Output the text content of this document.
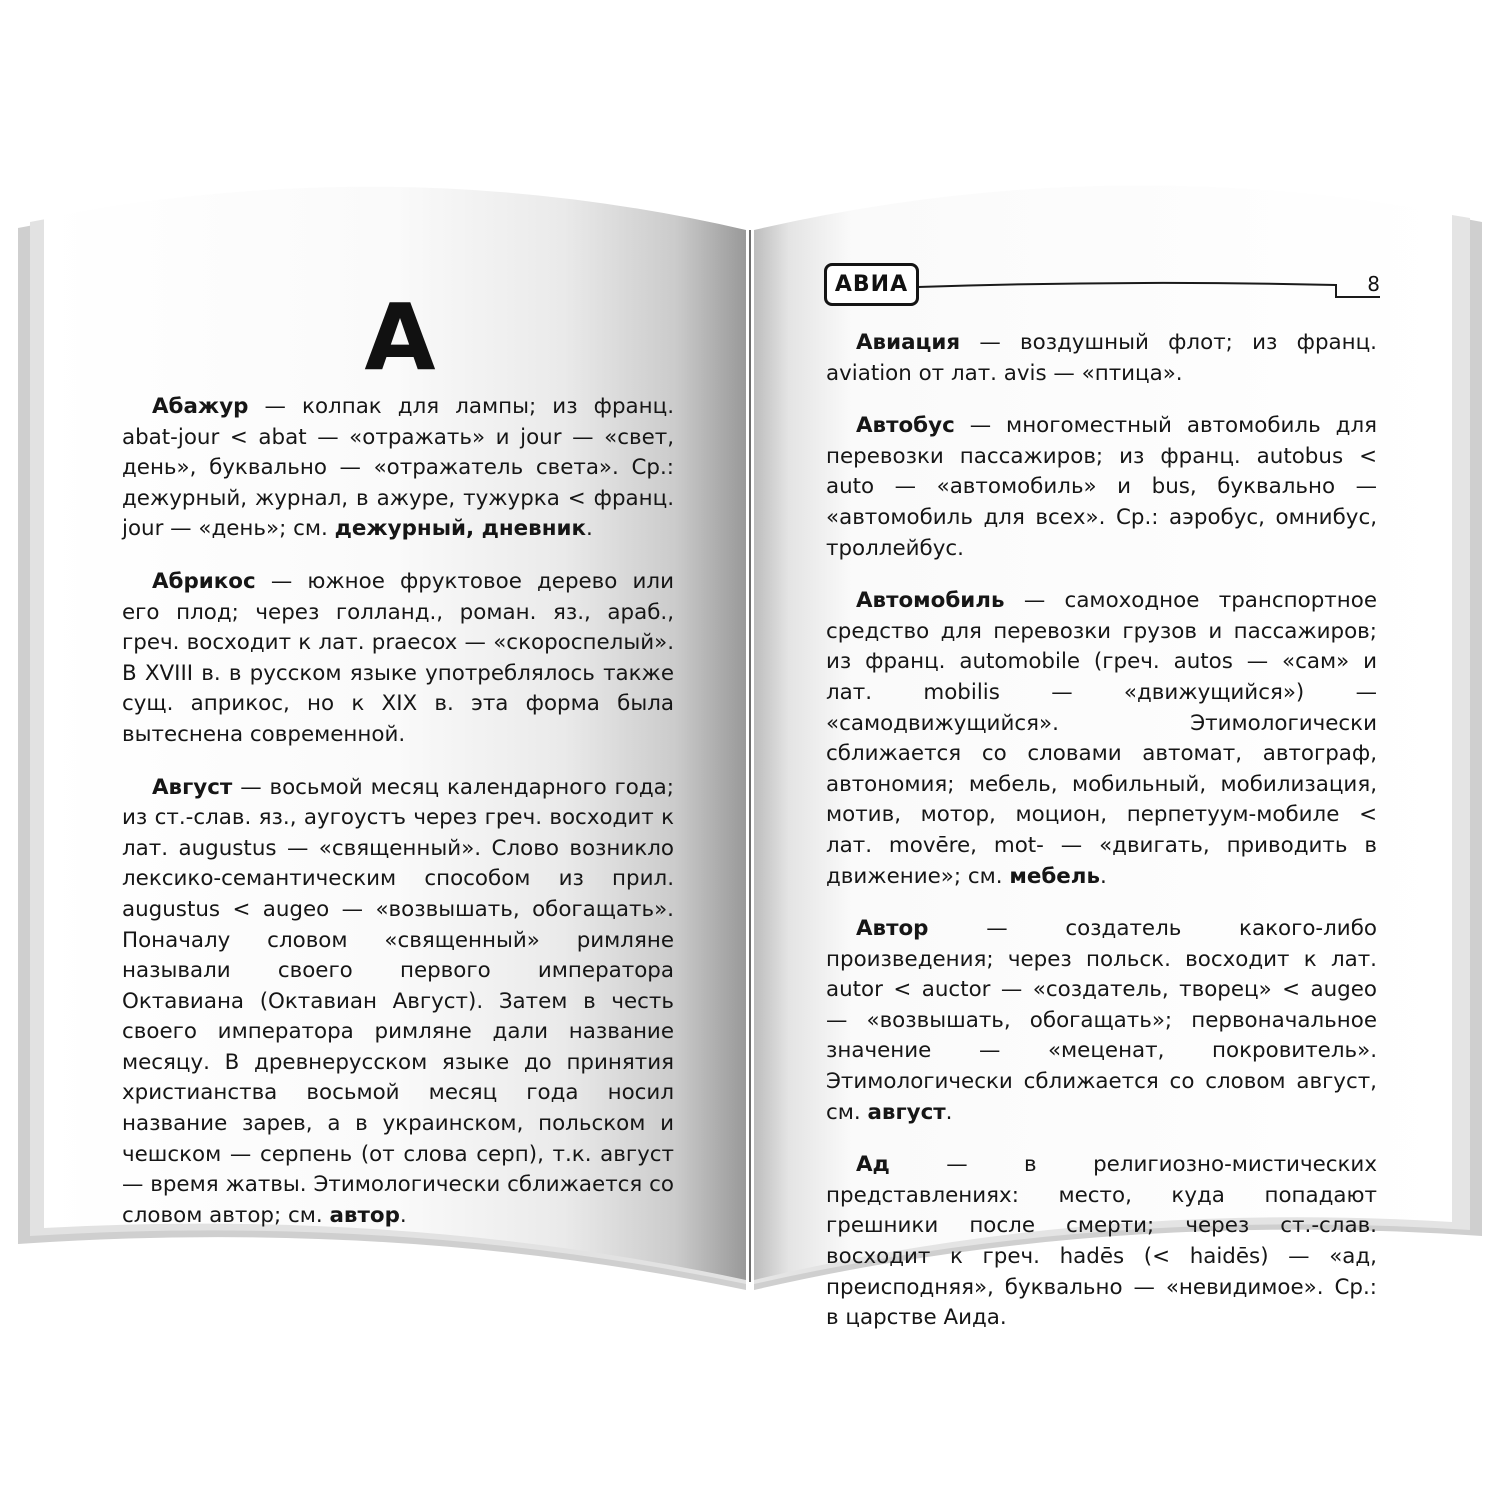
А

Абажур — колпак для лампы; из франц. abat-jour < abat — «отражать» и jour — «свет, день», буквально — «отражатель света». Ср.: дежурный, журнал, в ажуре, тужурка < франц. jour — «день»; см. дежурный, дневник.

Абрикос — южное фруктовое дерево или его плод; через голланд., роман. яз., араб., греч. восходит к лат. praecox — «скороспелый». В XVIII в. в русском языке употреблялось также сущ. априкос, но к XIX в. эта форма была вытеснена современной.

Август — восьмой месяц календарного года; из ст.-слав. яз., аугоустъ через греч. восходит к лат. augustus — «священный». Слово возникло лексико-семантическим способом из прил. augustus < augeo — «возвышать, обогащать». Поначалу словом «священный» римляне называли своего первого императора Октавиана (Октавиан Август). Затем в честь своего императора римляне дали название месяцу. В древнерусском языке до принятия христианства восьмой месяц года носил название зарев, а в украинском, польском и чешском — серпень (от слова серп), т.к. август — время жатвы. Этимологически сближается со словом автор; см. автор.

АВИА	8

Авиация — воздушный флот; из франц. aviation от лат. avis — «птица».

Автобус — многоместный автомобиль для перевозки пассажиров; из франц. autobus < auto — «автомобиль» и bus, буквально — «автомобиль для всех». Ср.: аэробус, омнибус, троллейбус.

Автомобиль — самоходное транспортное средство для перевозки грузов и пассажиров; из франц. automobile (греч. autos — «сам» и лат. mobilis — «движущийся») — «самодвижущийся». Этимологически сближается со словами автомат, автограф, автономия; мебель, мобильный, мобилизация, мотив, мотор, моцион, перпетуум-мобиле < лат. movēre, mot- — «двигать, приводить в движение»; см. мебель.

Автор — создатель какого-либо произведения; через польск. восходит к лат. autor < auctor — «создатель, творец» < augeo — «возвышать, обогащать»; первоначальное значение — «меценат, покровитель». Этимологически сближается со словом август, см. август.

Ад — в религиозно-мистических представлениях: место, куда попадают грешники после смерти; через ст.-слав. восходит к греч. hadēs (< haidēs) — «ад, преисподняя», буквально — «невидимое». Ср.: в царстве Аида.
